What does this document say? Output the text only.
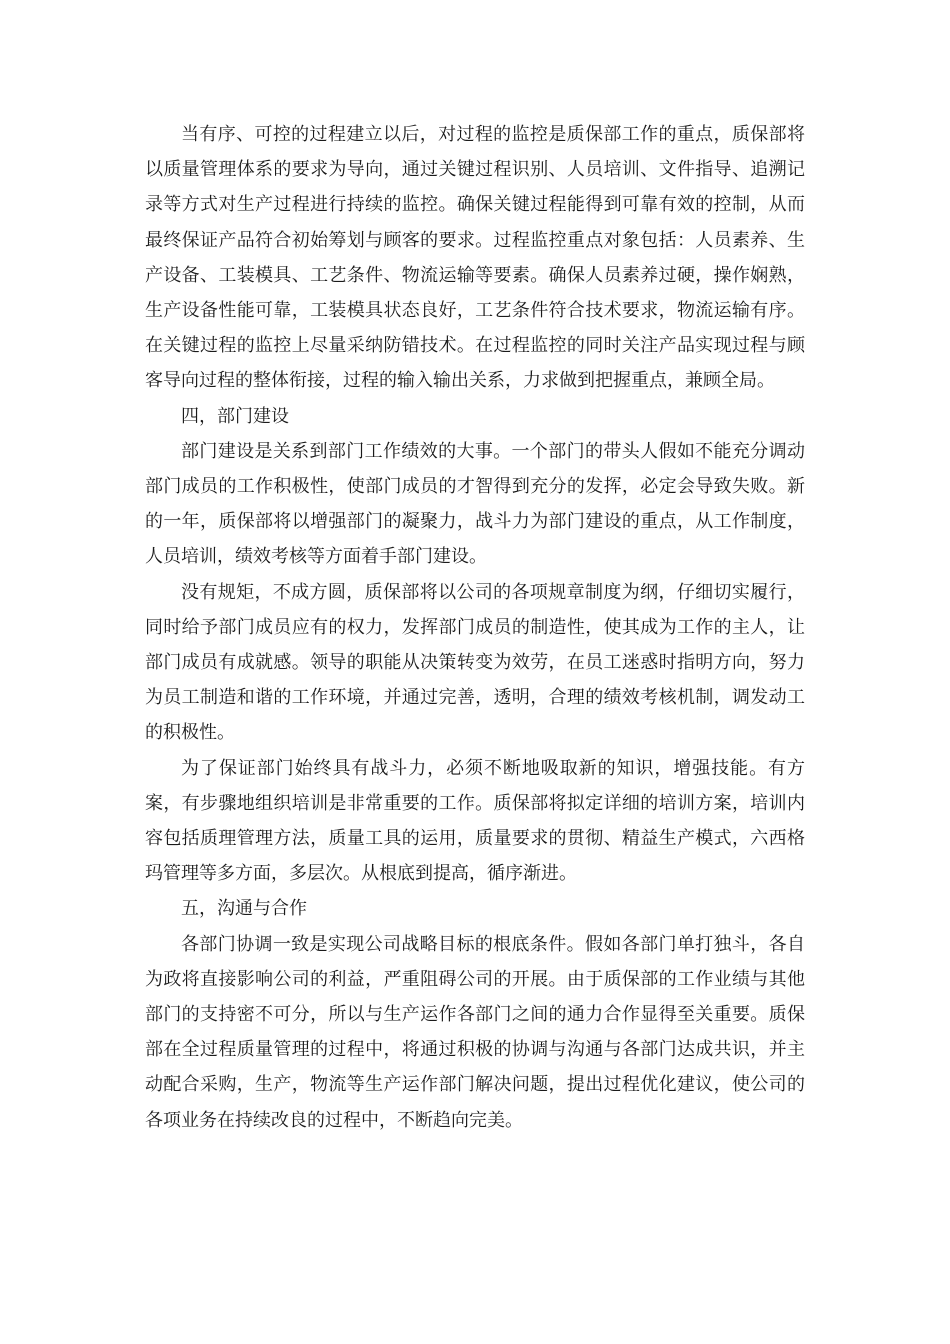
当有序、可控的过程建立以后，对过程的监控是质保部工作的重点，质保部将以质量管理体系的要求为导向，通过关键过程识别、人员培训、文件指导、追溯记录等方式对生产过程进行持续的监控。确保关键过程能得到可靠有效的控制，从而最终保证产品符合初始筹划与顾客的要求。过程监控重点对象包括：人员素养、生产设备、工装模具、工艺条件、物流运输等要素。确保人员素养过硬，操作娴熟，生产设备性能可靠，工装模具状态良好，工艺条件符合技术要求，物流运输有序。在关键过程的监控上尽量采纳防错技术。在过程监控的同时关注产品实现过程与顾客导向过程的整体衔接，过程的输入输出关系，力求做到把握重点，兼顾全局。

四，部门建设

部门建设是关系到部门工作绩效的大事。一个部门的带头人假如不能充分调动部门成员的工作积极性，使部门成员的才智得到充分的发挥，必定会导致失败。新的一年，质保部将以增强部门的凝聚力，战斗力为部门建设的重点，从工作制度，人员培训，绩效考核等方面着手部门建设。

没有规矩，不成方圆，质保部将以公司的各项规章制度为纲，仔细切实履行，同时给予部门成员应有的权力，发挥部门成员的制造性，使其成为工作的主人，让部门成员有成就感。领导的职能从决策转变为效劳，在员工迷惑时指明方向，努力为员工制造和谐的工作环境，并通过完善，透明，合理的绩效考核机制，调发动工的积极性。

为了保证部门始终具有战斗力，必须不断地吸取新的知识，增强技能。有方案，有步骤地组织培训是非常重要的工作。质保部将拟定详细的培训方案，培训内容包括质理管理方法，质量工具的运用，质量要求的贯彻、精益生产模式，六西格玛管理等多方面，多层次。从根底到提高，循序渐进。

五，沟通与合作

各部门协调一致是实现公司战略目标的根底条件。假如各部门单打独斗，各自为政将直接影响公司的利益，严重阻碍公司的开展。由于质保部的工作业绩与其他部门的支持密不可分，所以与生产运作各部门之间的通力合作显得至关重要。质保部在全过程质量管理的过程中，将通过积极的协调与沟通与各部门达成共识，并主动配合采购，生产，物流等生产运作部门解决问题，提出过程优化建议，使公司的各项业务在持续改良的过程中，不断趋向完美。
